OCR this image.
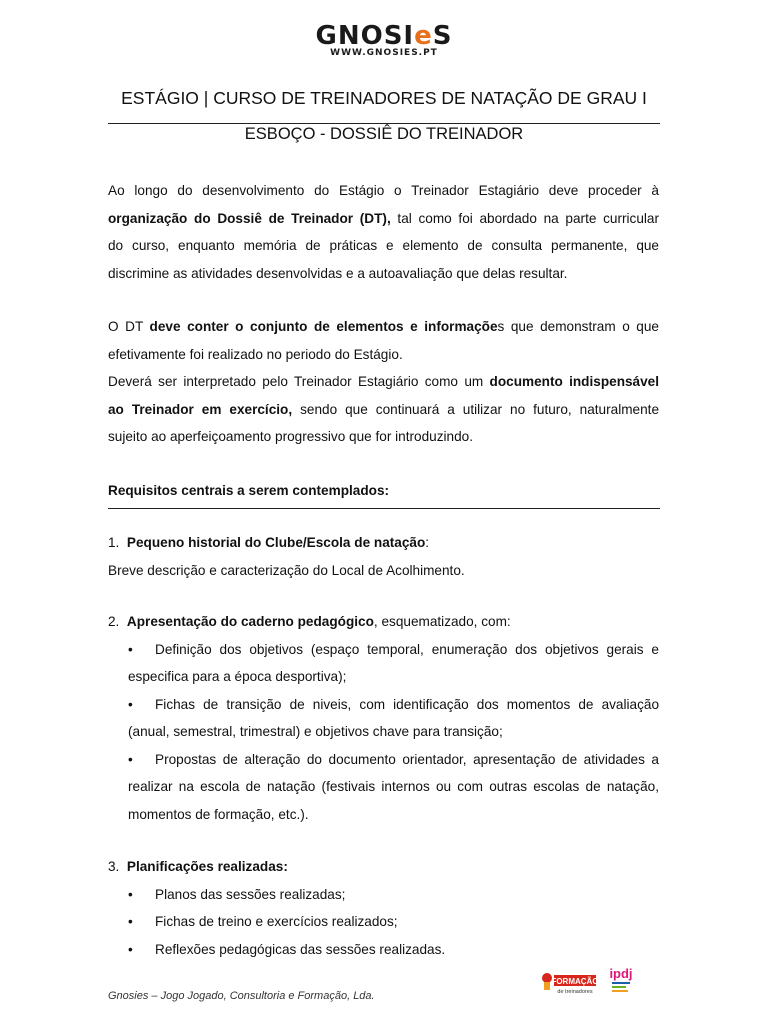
GNOSIeS
WWW.GNOSIES.PT
ESTÁGIO | CURSO DE TREINADORES DE NATAÇÃO DE GRAU I
ESBOÇO - DOSSIÊ DO TREINADOR
Ao longo do desenvolvimento do Estágio o Treinador Estagiário deve proceder à
organização do Dossiê de Treinador (DT), tal como foi abordado na parte curricular
do curso, enquanto memória de práticas e elemento de consulta permanente, que
discrimine as atividades desenvolvidas e a autoavaliação que delas resultar.
O DT deve conter o conjunto de elementos e informações que demonstram o que
efetivamente foi realizado no periodo do Estágio.
Deverá ser interpretado pelo Treinador Estagiário como um documento indispensável
ao Treinador em exercício, sendo que continuará a utilizar no futuro, naturalmente
sujeito ao aperfeiçoamento progressivo que for introduzindo.
Requisitos centrais a serem contemplados:
1. Pequeno historial do Clube/Escola de natação:
Breve descrição e caracterização do Local de Acolhimento.
2. Apresentação do caderno pedagógico, esquematizado, com:
•	Definição dos objetivos (espaço temporal, enumeração dos objetivos gerais e especifica para a época desportiva);
•	Fichas de transição de niveis, com identificação dos momentos de avaliação (anual, semestral, trimestral) e objetivos chave para transição;
•	Propostas de alteração do documento orientador, apresentação de atividades a realizar na escola de natação (festivais internos ou com outras escolas de natação, momentos de formação, etc.).
3. Planificações realizadas:
•	Planos das sessões realizadas;
•	Fichas de treino e exercícios realizados;
•	Reflexões pedagógicas das sessões realizadas.
Gnosies – Jogo Jogado, Consultoria e Formação, Lda.
FORMAÇÃO
de treinadores
ipdj
